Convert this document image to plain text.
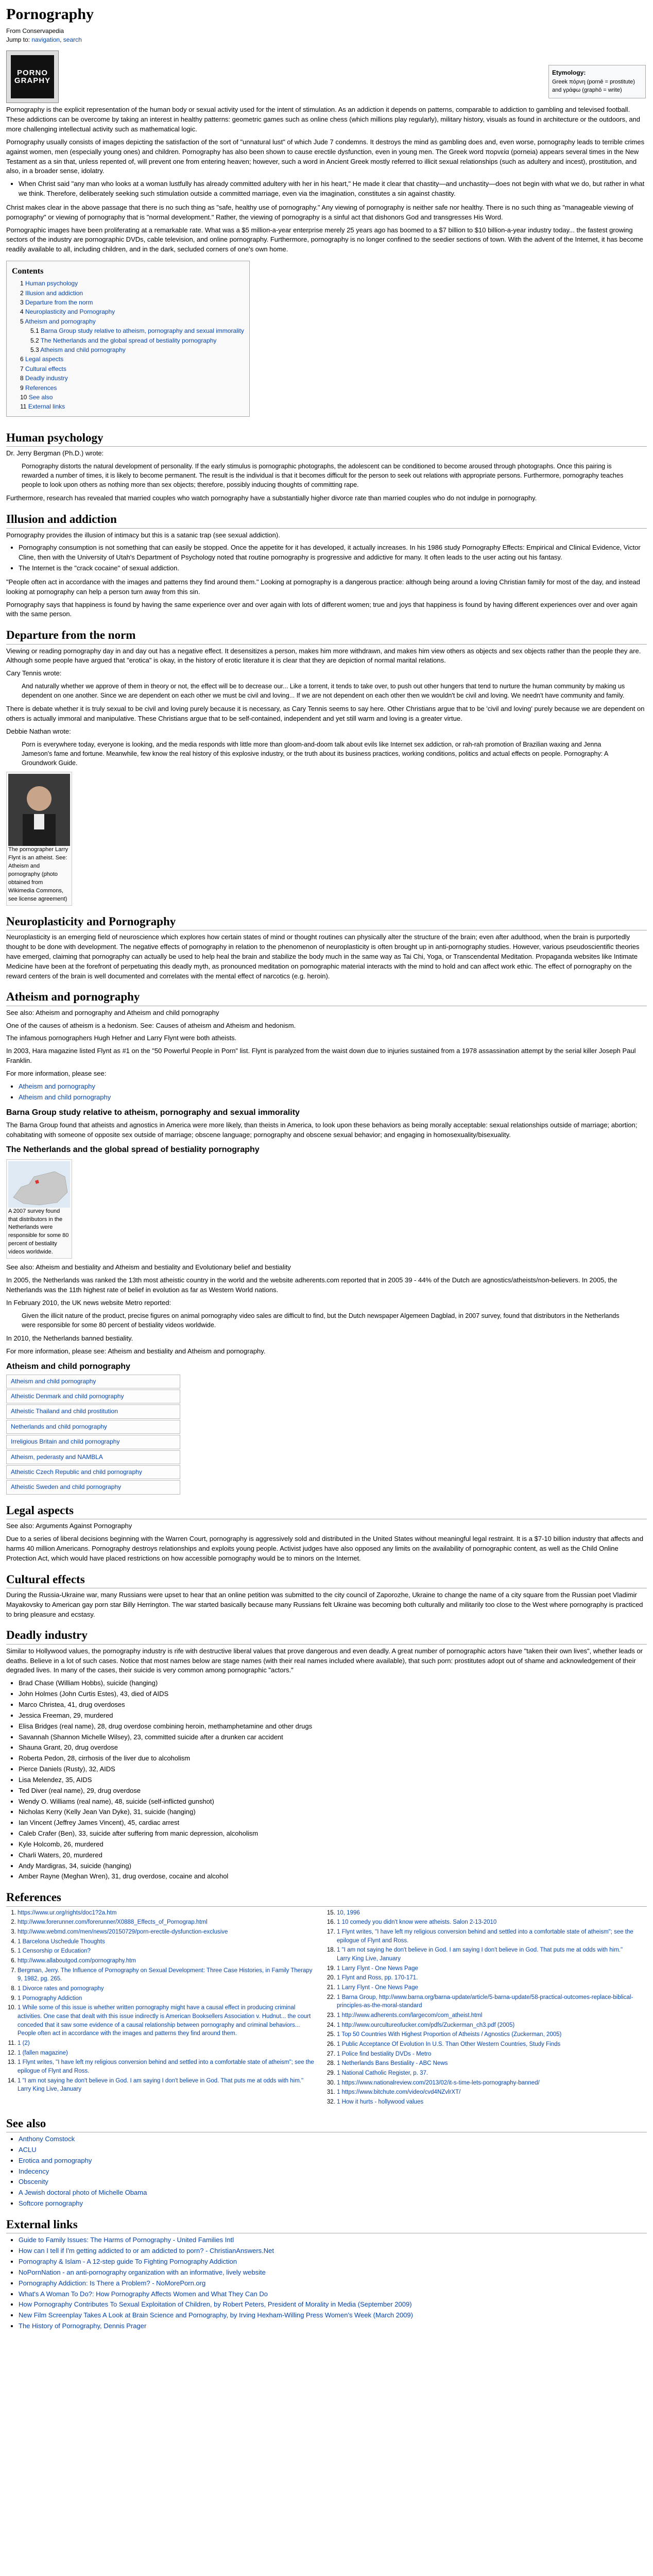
Pornography

From Conservapedia

Jump to: navigation, search

PORNO
GRAPHY
Etymology:
Greek πόρνη (pornē = prostitute) and γράφω (graphō = write)

Pornography is the explicit representation of the human body or sexual activity used for the intent of stimulation. As an addiction it depends on patterns, comparable to addiction to gambling and televised football. These addictions can be overcome by taking an interest in healthy patterns: geometric games such as online chess (which millions play regularly), military history, visuals as found in architecture or the outdoors, and more challenging intellectual activity such as mathematical logic.

Pornography usually consists of images depicting the satisfaction of the sort of "unnatural lust" of which Jude 7 condemns. It destroys the mind as gambling does and, even worse, pornography leads to terrible crimes against women, men (especially young ones) and children. Pornography has also been shown to cause erectile dysfunction, even in young men. The Greek word πορνεία (porneia) appears several times in the New Testament as a sin that, unless repented of, will prevent one from entering heaven; however, such a word in Ancient Greek mostly referred to illicit sexual relationships (such as adultery and incest), prostitution, and also, in a broader sense, idolatry.

• When Christ said "any man who looks at a woman lustfully has already committed adultery with her in his heart," He made it clear that chastity—and unchastity—does not begin with what we do, but rather in what we think. Therefore, deliberately seeking such stimulation outside a committed marriage, even via the imagination, constitutes a sin against chastity.

Christ makes clear in the above passage that there is no such thing as "safe, healthy use of pornography." Any viewing of pornography is neither safe nor healthy. There is no such thing as "manageable viewing of pornography" or viewing of pornography that is "normal development." Rather, the viewing of pornography is a sinful act that dishonors God and transgresses His Word.

Pornographic images have been proliferating at a remarkable rate. What was a $5 million-a-year enterprise merely 25 years ago has boomed to a $7 billion to $10 billion-a-year industry today... the fastest growing sectors of the industry are pornographic DVDs, cable television, and online pornography. Furthermore, pornography is no longer confined to the seedier sections of town. With the advent of the Internet, it has become readily available to all, including children, and in the dark, secluded corners of one's own home.

Contents
1 Human psychology
2 Illusion and addiction
3 Departure from the norm
4 Neuroplasticity and Pornography
5 Atheism and pornography
5.1 Barna Group study relative to atheism, pornography and sexual immorality
5.2 The Netherlands and the global spread of bestiality pornography
5.3 Atheism and child pornography
6 Legal aspects
7 Cultural effects
8 Deadly industry
9 References
10 See also
11 External links
Human psychology

Dr. Jerry Bergman (Ph.D.) wrote:

Pornography distorts the natural development of personality. If the early stimulus is pornographic photographs, the adolescent can be conditioned to become aroused through photographs. Once this pairing is rewarded a number of times, it is likely to become permanent. The result is the individual is that it becomes difficult for the person to seek out relations with appropriate persons. Furthermore, pornography teaches people to look upon others as nothing more than sex objects; therefore, possibly inducing thoughts of committing rape.

Furthermore, research has revealed that married couples who watch pornography have a substantially higher divorce rate than married couples who do not indulge in pornography.

Illusion and addiction

Pornography provides the illusion of intimacy but this is a satanic trap (see sexual addiction).

• Pornography consumption is not something that can easily be stopped. Once the appetite for it has developed, it actually increases. In his 1986 study Pornography Effects: Empirical and Clinical Evidence, Victor Cline, then with the University of Utah's Department of Psychology noted that routine pornography is progressive and addictive for many. It often leads to the user acting out his fantasy.
• The Internet is the "crack cocaine" of sexual addiction.

"People often act in accordance with the images and patterns they find around them." Looking at pornography is a dangerous practice: although being around a loving Christian family for most of the day, and instead looking at pornography can help a person turn away from this sin.

Pornography says that happiness is found by having the same experience over and over again with lots of different women; true and joys that happiness is found by having different experiences over and over again with the same person.

Departure from the norm

Viewing or reading pornography day in and day out has a negative effect. It desensitizes a person, makes him more withdrawn, and makes him view others as objects and sex objects rather than the people they are. Although some people have argued that "erotica" is okay, in the history of erotic literature it is clear that they are depiction of normal marital relations.

Cary Tennis wrote:

And naturally whether we approve of them in theory or not, the effect will be to decrease our... Like a torrent, it tends to take over, to push out other hungers that tend to nurture the human community by making us dependent on one another. Since we are dependent on each other we must be civil and loving... If we are not dependent on each other then we wouldn't be civil and loving. We needn't have community and family.

There is debate whether it is truly sexual to be civil and loving purely because it is necessary, as Cary Tennis seems to say here. Other Christians argue that to be 'civil and loving' purely because we are dependent on others is actually immoral and manipulative. These Christians argue that to be self-contained, independent and yet still warm and loving is a greater virtue.

Debbie Nathan wrote:

Porn is everywhere today, everyone is looking, and the media responds with little more than gloom-and-doom talk about evils like Internet sex addiction, or rah-rah promotion of Brazilian waxing and Jenna Jameson's fame and fortune. Meanwhile, few know the real history of this explosive industry, or the truth about its business practices, working conditions, politics and actual effects on people. Pornography: A Groundwork Guide.
The pornographer Larry Flynt is an atheist. See: Atheism and pornography (photo obtained from Wikimedia Commons, see license agreement)
Neuroplasticity and Pornography

Neuroplasticity is an emerging field of neuroscience which explores how certain states of mind or thought routines can physically alter the structure of the brain; even after adulthood, when the brain is purportedly thought to be done with development. The negative effects of pornography in relation to the phenomenon of neuroplasticity is often brought up in anti-pornography studies. However, various pseudoscientific theories have emerged, claiming that pornography can actually be used to help heal the brain and stabilize the body much in the same way as Tai Chi, Yoga, or Transcendental Meditation. Propaganda websites like Intimate Medicine have been at the forefront of perpetuating this deadly myth, as pronounced meditation on pornographic material interacts with the mind to hold and can affect work ethic. The effect of pornography on the reward centers of the brain is well documented and correlates with the mental effect of narcotics (e.g. heroin).

Atheism and pornography

See also: Atheism and pornography and Atheism and child pornography

One of the causes of atheism is a hedonism. See: Causes of atheism and Atheism and hedonism.

The infamous pornographers Hugh Hefner and Larry Flynt were both atheists.

In 2003, Hara magazine listed Flynt as #1 on the "50 Powerful People in Porn" list. Flynt is paralyzed from the waist down due to injuries sustained from a 1978 assassination attempt by the serial killer Joseph Paul Franklin.

For more information, please see:

• Atheism and pornography
• Atheism and child pornography
Barna Group study relative to atheism, pornography and sexual immorality

The Barna Group found that atheists and agnostics in America were more likely, than theists in America, to look upon these behaviors as being morally acceptable: sexual relationships outside of marriage; abortion; cohabitating with someone of opposite sex outside of marriage; obscene language; pornography and obscene sexual behavior; and engaging in homosexuality/bisexuality.

The Netherlands and the global spread of bestiality pornography
A 2007 survey found that distributors in the Netherlands were responsible for some 80 percent of bestiality videos worldwide.

See also: Atheism and bestiality and Atheism and bestiality and Evolutionary belief and bestiality

In 2005, the Netherlands was ranked the 13th most atheistic country in the world and the website adherents.com reported that in 2005 39 - 44% of the Dutch are agnostics/atheists/non-believers. In 2005, the Netherlands was the 11th highest rate of belief in evolution as far as Western World nations.

In February 2010, the UK news website Metro reported:

Given the illicit nature of the product, precise figures on animal pornography video sales are difficult to find, but the Dutch newspaper Algemeen Dagblad, in 2007 survey, found that distributors in the Netherlands were responsible for some 80 percent of bestiality videos worldwide.

In 2010, the Netherlands banned bestiality.

For more information, please see: Atheism and bestiality and Atheism and pornography.

Atheism and child pornography
Atheism and child pornography
Atheistic Denmark and child pornography
Atheistic Thailand and child prostitution
Netherlands and child pornography
Irreligious Britain and child pornography
Atheism, pederasty and NAMBLA
Atheistic Czech Republic and child pornography
Atheistic Sweden and child pornography
Legal aspects

See also: Arguments Against Pornography

Due to a series of liberal decisions beginning with the Warren Court, pornography is aggressively sold and distributed in the United States without meaningful legal restraint. It is a $7-10 billion industry that affects and harms 40 million Americans. Pornography destroys relationships and exploits young people. Activist judges have also opposed any limits on the availability of pornographic content, as well as the Child Online Protection Act, which would have placed restrictions on how accessible pornography would be to minors on the Internet.

Cultural effects

During the Russia-Ukraine war, many Russians were upset to hear that an online petition was submitted to the city council of Zaporozhe, Ukraine to change the name of a city square from the Russian poet Vladimir Mayakovsky to American gay porn star Billy Herrington. The war started basically because many Russians felt Ukraine was becoming both culturally and militarily too close to the West where pornography is practiced to bring pleasure and ecstasy.

Deadly industry

Similar to Hollywood values, the pornography industry is rife with destructive liberal values that prove dangerous and even deadly. A great number of pornographic actors have "taken their own lives", whether leads or deaths. Believe in a lot of such cases. Notice that most names below are stage names (with their real names included where available), that such porn: prostitutes adopt out of shame and acknowledgement of their degraded lives. In many of the cases, their suicide is very common among pornographic "actors."

• Brad Chase (William Hobbs), suicide (hanging)
• John Holmes (John Curtis Estes), 43, died of AIDS
• Marco Christea, 41, drug overdoses
• Jessica Freeman, 29, murdered
• Elisa Bridges (real name), 28, drug overdose combining heroin, methamphetamine and other drugs
• Savannah (Shannon Michelle Wilsey), 23, committed suicide after a drunken car accident
• Shauna Grant, 20, drug overdose
• Roberta Pedon, 28, cirrhosis of the liver due to alcoholism
• Pierce Daniels (Rusty), 32, AIDS
• Lisa Melendez, 35, AIDS
• Ted Diver (real name), 29, drug overdose
• Wendy O. Williams (real name), 48, suicide (self-inflicted gunshot)
• Nicholas Kerry (Kelly Jean Van Dyke), 31, suicide (hanging)
• Ian Vincent (Jeffrey James Vincent), 45, cardiac arrest
• Caleb Crafer (Ben), 33, suicide after suffering from manic depression, alcoholism
• Kyle Holcomb, 26, murdered
• Charli Waters, 20, murdered
• Andy Mardigras, 34, suicide (hanging)
• Amber Rayne (Meghan Wren), 31, drug overdose, cocaine and alcohol
References
1. https://www.ur.org/rights/doc1?2a.htm
2. http://www.forerunner.com/forerunner/X0888_Effects_of_Pornograp.html
3. http://www.webmd.com/men/news/20150729/porn-erectile-dysfunction-exclusive
4. 1 Barcelona Uschedule Thoughts
5. 1 Censorship or Education?
6. http://www.allaboutgod.com/pornography.htm
7. Bergman, Jerry. The Influence of Pornography on Sexual Development: Three Case Histories, in Family Therapy 9, 1982, pg. 265.
8. 1 Divorce rates and pornography
9. 1 Pornography Addiction
10. 1 While some of this issue is whether written pornography might have a causal effect in producing criminal activities. One case that dealt with this issue indirectly is American Booksellers Association v. Hudnut... the court conceded that it saw some evidence of a causal relationship between pornography and criminal behaviors... People often act in accordance with the images and patterns they find around them.
11. 1 (2)
12. 1 (fallen magazine)
13. 1 Flynt writes, "I have left my religious conversion behind and settled into a comfortable state of atheism"; see the epilogue of Flynt and Ross.
14. 1 "I am not saying he don't believe in God. I am saying I don't believe in God. That puts me at odds with him." Larry King Live, January
15. 10, 1996
16. 1 10 comedy you didn't know were atheists. Salon 2-13-2010
17. 1 Flynt writes, "I have left my religious conversion behind and settled into a comfortable state of atheism"; see the epilogue of Flynt and Ross.
18. 1 "I am not saying he don't believe in God. I am saying I don't believe in God. That puts me at odds with him." Larry King Live, January
19. 1 Larry Flynt - One News Page
20. 1 Flynt and Ross, pp. 170-171.
21. 1 Larry Flynt - One News Page
22. 1 Barna Group, http://www.barna.org/barna-update/article/5-barna-update/58-practical-outcomes-replace-biblical-principles-as-the-moral-standard
23. 1 http://www.adherents.com/largecom/com_atheist.html
24. 1 http://www.ourcultureofucker.com/pdfs/Zuckerman_ch3.pdf (2005)
25. 1 Top 50 Countries With Highest Proportion of Atheists / Agnostics (Zuckerman, 2005)
26. 1 Public Acceptance Of Evolution In U.S. Than Other Western Countries, Study Finds
27. 1 Police find bestiality DVDs - Metro
28. 1 Netherlands Bans Bestiality - ABC News
29. 1 National Catholic Register, p. 37.
30. 1 https://www.nationalreview.com/2013/02/it-s-time-lets-pornography-banned/
31. 1 https://www.bitchute.com/video/cvd4NZvlrXT/
32. 1 How it hurts - hollywood values
See also
• Anthony Comstock
• ACLU
• Erotica and pornography
• Indecency
• Obscenity
• A Jewish doctoral photo of Michelle Obama
• Softcore pornography
External links
• Guide to Family Issues: The Harms of Pornography - United Families Intl
• How can I tell if I'm getting addicted to or am addicted to porn? - ChristianAnswers.Net
• Pornography & Islam - A 12-step guide To Fighting Pornography Addiction
• NoPornNation - an anti-pornography organization with an informative, lively website
• Pornography Addiction: Is There a Problem? - NoMorePorn.org
• What's A Woman To Do?: How Pornography Affects Women and What They Can Do
• How Pornography Contributes To Sexual Exploitation of Children, by Robert Peters, President of Morality in Media (September 2009)
• New Film Screenplay Takes A Look at Brain Science and Pornography, by Irving Hexham-Willing Press Women's Week (March 2009)
• The History of Pornography, Dennis Prager
